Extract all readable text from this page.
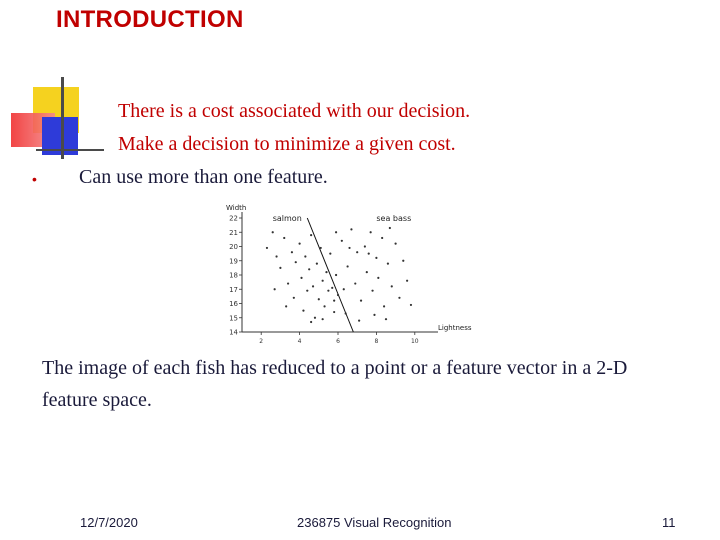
INTRODUCTION
There is a cost associated with our decision.
Make a decision to minimize a given cost.
• Can use more than one feature.
14
15
16
17
18
19
20
21
22
2	4	6	8	10
salmon	sea bass
Width
Lightness
The image of each fish has reduced to a point or a feature vector in a 2-D feature space.
12/7/2020	236875 Visual Recognition	11
